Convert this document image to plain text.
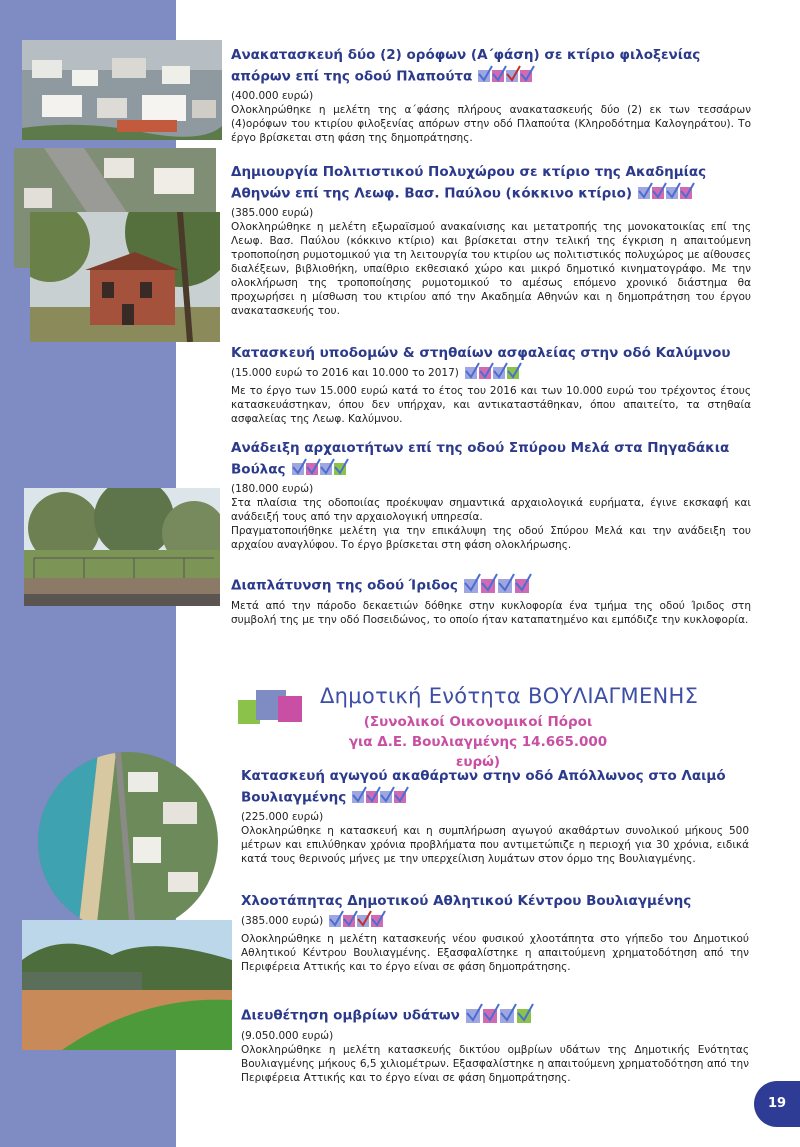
Ανακατασκευή δύο (2) ορόφων (Α΄φάση) σε κτίριο φιλοξενίας απόρων επί της οδού Πλαπούτα
(400.000 ευρώ)

Ολοκληρώθηκε η μελέτη της α΄φάσης πλήρους ανακατασκευής δύο (2) εκ των τεσσάρων (4)ορόφων του κτιρίου φιλοξενίας απόρων στην οδό Πλαπούτα (Κληροδότημα Καλογηράτου). Το έργο βρίσκεται στη φάση της δημοπράτησης.

Δημιουργία Πολιτιστικού Πολυχώρου σε κτίριο της Ακαδημίας Αθηνών επί της Λεωφ. Βασ. Παύλου (κόκκινο κτίριο)
(385.000 ευρώ)

Ολοκληρώθηκε η μελέτη εξωραϊσμού ανακαίνισης και μετατροπής της μονοκατοικίας επί της Λεωφ. Βασ. Παύλου (κόκκινο κτίριο) και βρίσκεται στην τελική της έγκριση η απαιτούμενη τροποποίηση ρυμοτομικού για τη λειτουργία του κτιρίου ως πολιτιστικός πολυχώρος με αίθουσες διαλέξεων, βιβλιοθήκη, υπαίθριο εκθεσιακό χώρο και μικρό δημοτικό κινηματογράφο. Με την ολοκλήρωση της τροποποίησης ρυμοτομικού το αμέσως επόμενο χρονικό διάστημα θα προχωρήσει η μίσθωση του κτιρίου από την Ακαδημία Αθηνών και η δημοπράτηση του έργου ανακατασκευής του.

Κατασκευή υποδομών & στηθαίων ασφαλείας στην οδό Καλύμνου
(15.000 ευρώ το 2016 και 10.000 το 2017)

Με το έργο των 15.000 ευρώ κατά το έτος του 2016 και των 10.000 ευρώ του τρέχοντος έτους κατασκευάστηκαν, όπου δεν υπήρχαν, και αντικαταστάθηκαν, όπου απαιτείτο, τα στηθαία ασφαλείας της Λεωφ. Καλύμνου.

Ανάδειξη αρχαιοτήτων επί της οδού Σπύρου Μελά στα Πηγαδάκια Βούλας
(180.000 ευρώ)

Στα πλαίσια της οδοποιίας προέκυψαν σημαντικά αρχαιολογικά ευρήματα, έγινε εκσκαφή και ανάδειξή τους από την αρχαιολογική υπηρεσία.

Πραγματοποιήθηκε μελέτη για την επικάλυψη της οδού Σπύρου Μελά και την ανάδειξη του αρχαίου αναγλύφου. Το έργο βρίσκεται στη φάση ολοκλήρωσης.

Διαπλάτυνση της οδού Ίριδος

Μετά από την πάροδο δεκαετιών δόθηκε στην κυκλοφορία ένα τμήμα της οδού Ίριδος στη συμβολή της με την οδό Ποσειδώνος, το οποίο ήταν καταπατημένο και εμπόδιζε την κυκλοφορία.

Δημοτική Ενότητα ΒΟΥΛΙΑΓΜΕΝΗΣ
(Συνολικοί Οικονομικοί Πόροι
για Δ.Ε. Βουλιαγμένης 14.665.000 ευρώ)
Κατασκευή αγωγού ακαθάρτων στην οδό Απόλλωνος στο Λαιμό Βουλιαγμένης
(225.000 ευρώ)

Ολοκληρώθηκε η κατασκευή και η συμπλήρωση αγωγού ακαθάρτων συνολικού μήκους 500 μέτρων και επιλύθηκαν χρόνια προβλήματα που αντιμετώπιζε η περιοχή για 30 χρόνια, ειδικά κατά τους θερινούς μήνες με την υπερχείλιση λυμάτων στον όρμο της Βουλιαγμένης.

Χλοοτάπητας Δημοτικού Αθλητικού Κέντρου Βουλιαγμένης
(385.000 ευρώ)

Ολοκληρώθηκε η μελέτη κατασκευής νέου φυσικού χλοοτάπητα στο γήπεδο του Δημοτικού Αθλητικού Κέντρου Βουλιαγμένης. Εξασφαλίστηκε η απαιτούμενη χρηματοδότηση από την Περιφέρεια Αττικής και το έργο είναι σε φάση δημοπράτησης.

Διευθέτηση ομβρίων υδάτων
(9.050.000 ευρώ)

Ολοκληρώθηκε η μελέτη κατασκευής δικτύου ομβρίων υδάτων της Δημοτικής Ενότητας Βουλιαγμένης μήκους 6,5 χιλιομέτρων. Εξασφαλίστηκε η απαιτούμενη χρηματοδότηση από την Περιφέρεια Αττικής και το έργο είναι σε φάση δημοπράτησης.

19
